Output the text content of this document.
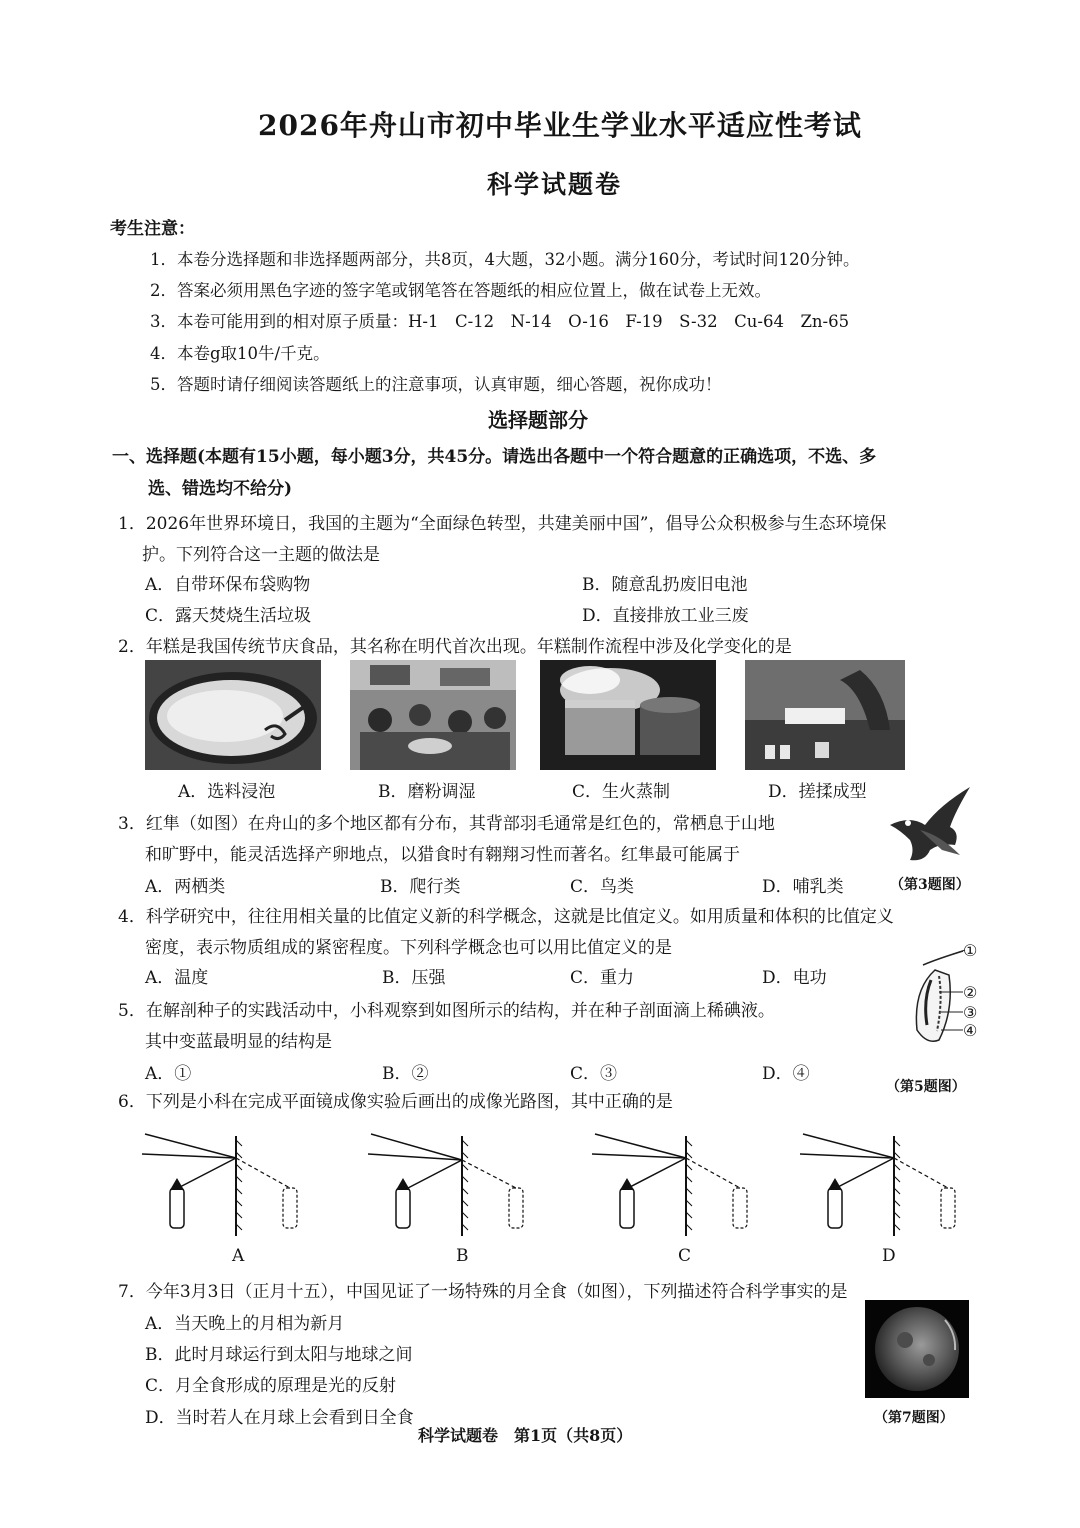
2026年舟山市初中毕业生学业水平适应性考试
科学试题卷
考生注意：
1．本卷分选择题和非选择题两部分，共8页，4大题，32小题。满分160分，考试时间120分钟。
2．答案必须用黑色字迹的签字笔或钢笔答在答题纸的相应位置上，做在试卷上无效。
3．本卷可能用到的相对原子质量：H-1　C-12　N-14　O-16　F-19　S-32　Cu-64　Zn-65
4．本卷g取10牛/千克。
5．答题时请仔细阅读答题纸上的注意事项，认真审题，细心答题，祝你成功！
选择题部分
一、选择题(本题有15小题，每小题3分，共45分。请选出各题中一个符合题意的正确选项，不选、多
选、错选均不给分)
1．2026年世界环境日，我国的主题为“全面绿色转型，共建美丽中国”，倡导公众积极参与生态环境保
护。下列符合这一主题的做法是
A．自带环保布袋购物	B．随意乱扔废旧电池
C．露天焚烧生活垃圾	D．直接排放工业三废
2．年糕是我国传统节庆食品，其名称在明代首次出现。年糕制作流程中涉及化学变化的是
A．选料浸泡	B．磨粉调湿	C．生火蒸制	D．搓揉成型
3．红隼（如图）在舟山的多个地区都有分布，其背部羽毛通常是红色的，常栖息于山地
和旷野中，能灵活选择产卵地点，以猎食时有翱翔习性而著名。红隼最可能属于
A．两栖类	B．爬行类	C．鸟类	D．哺乳类	（第3题图）
4．科学研究中，往往用相关量的比值定义新的科学概念，这就是比值定义。如用质量和体积的比值定义
密度，表示物质组成的紧密程度。下列科学概念也可以用比值定义的是
A．温度	B．压强	C．重力	D．电功
5．在解剖种子的实践活动中，小科观察到如图所示的结构，并在种子剖面滴上稀碘液。
其中变蓝最明显的结构是
A．①	B．②	C．③	D．④
①
②
③
④
（第5题图）
6．下列是小科在完成平面镜成像实验后画出的成像光路图，其中正确的是
A	B	C	D
7．今年3月3日（正月十五），中国见证了一场特殊的月全食（如图），下列描述符合科学事实的是
A．当天晚上的月相为新月
B．此时月球运行到太阳与地球之间
C．月全食形成的原理是光的反射
D．当时若人在月球上会看到日全食	（第7题图）
科学试题卷　第1页（共8页）
